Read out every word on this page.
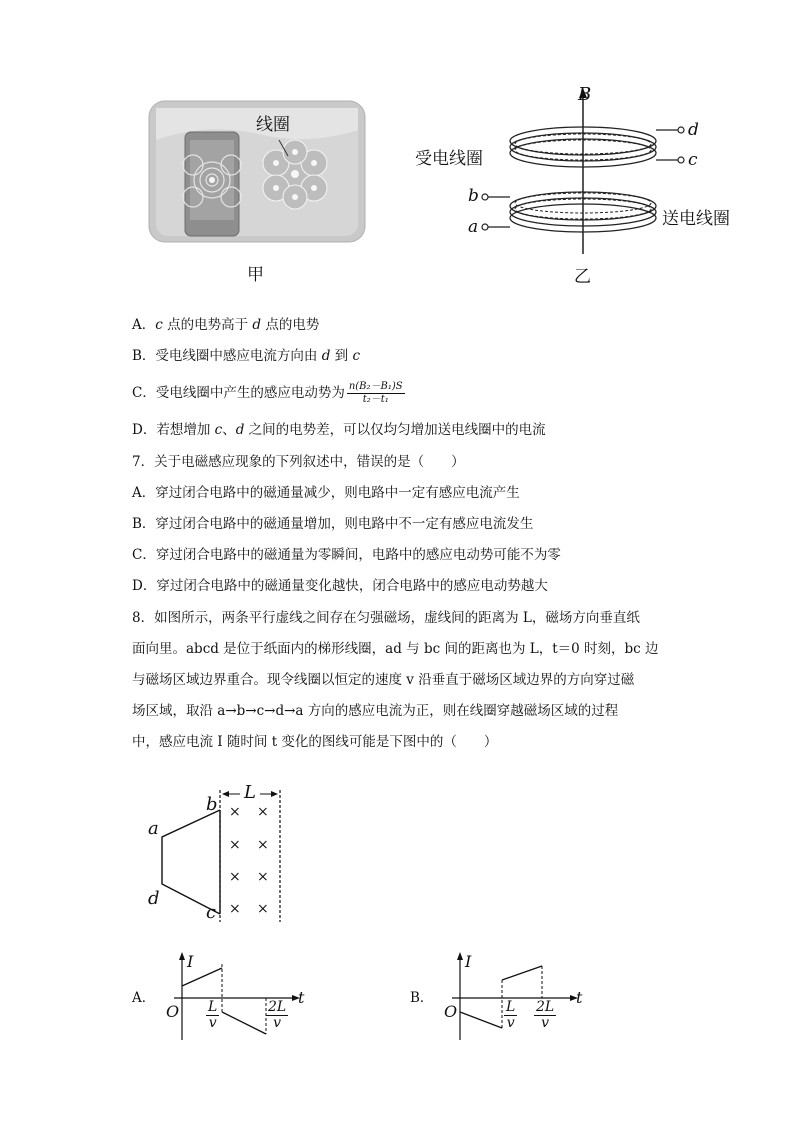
线圈
甲
B
受电线圈
送电线圈
d
c
b
a
乙
A．c 点的电势高于 d 点的电势
B．受电线圈中感应电流方向由 d 到 c
C．受电线圈中产生的感应电动势为 $\frac{\text{n(B₂－B₁)S}}{\text{t₂－t₁}}$
D．若想增加 c、d 之间的电势差，可以仅均匀增加送电线圈中的电流
7．关于电磁感应现象的下列叙述中，错误的是（　　）
A．穿过闭合电路中的磁通量减少，则电路中一定有感应电流产生
B．穿过闭合电路中的磁通量增加，则电路中不一定有感应电流发生
C．穿过闭合电路中的磁通量为零瞬间，电路中的感应电动势可能不为零
D．穿过闭合电路中的磁通量变化越快，闭合电路中的感应电动势越大
8．如图所示，两条平行虚线之间存在匀强磁场，虚线间的距离为 L，磁场方向垂直纸
面向里。abcd 是位于纸面内的梯形线圈，ad 与 bc 间的距离也为 L，t＝0 时刻，bc 边
与磁场区域边界重合。现令线圈以恒定的速度 v 沿垂直于磁场区域边界的方向穿过磁
场区域，取沿 a→b→c→d→a 方向的感应电流为正，则在线圈穿越磁场区域的过程
中，感应电流 I 随时间 t 变化的图线可能是下图中的（　　）
b
a
d
c
L
× ×
× ×
× ×
× ×
A．
I
t
O $\frac{L}{v}$	$\frac{2L}{v}$
B．
I
t
O	$\frac{L}{v} \frac{2L}{v}$
